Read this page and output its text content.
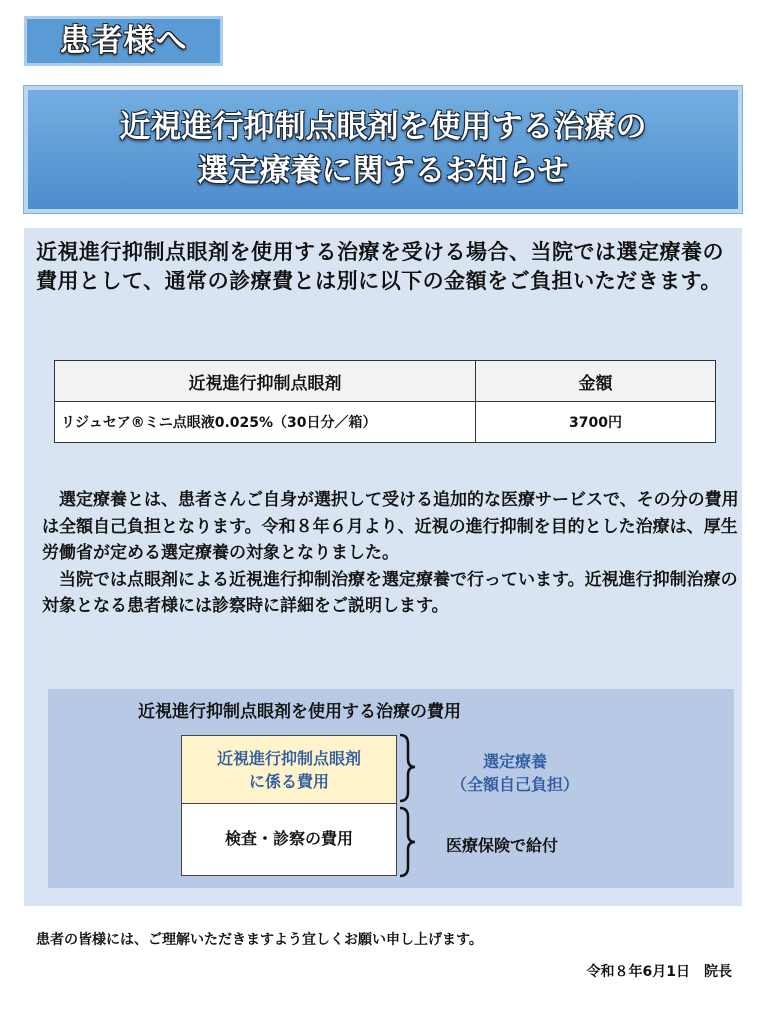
患者様へ
近視進行抑制点眼剤を使用する治療の
選定療養に関するお知らせ
近視進行抑制点眼剤を使用する治療を受ける場合、当院では選定療養の費用として、通常の診療費とは別に以下の金額をご負担いただきます。
近視進行抑制点眼剤	金額
リジュセア®ミニ点眼液0.025%（30日分／箱）	3700円

　選定療養とは、患者さんご自身が選択して受ける追加的な医療サービスで、その分の費用は全額自己負担となります。令和８年６月より、近視の進行抑制を目的とした治療は、厚生労働省が定める選定療養の対象となりました。

　当院では点眼剤による近視進行抑制治療を選定療養で行っています。近視進行抑制治療の対象となる患者様には診察時に詳細をご説明します。

近視進行抑制点眼剤を使用する治療の費用
近視進行抑制点眼剤
に係る費用
検査・診察の費用
選定療養
（全額自己負担）
医療保険で給付
患者の皆様には、ご理解いただきますよう宜しくお願い申し上げます。
令和８年6月1日　院長
